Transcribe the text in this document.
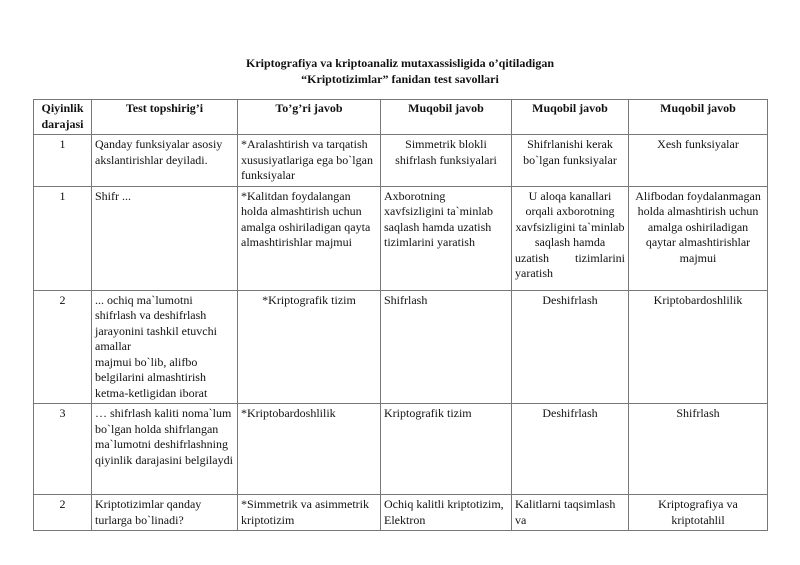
Kriptografiya va kriptoanaliz mutaxassisligida o’qitiladigan
“Kriptotizimlar” fanidan test savollari
Qiyinlik darajasi	Test topshirig’i	To’g’ri javob	Muqobil javob	Muqobil javob	Muqobil javob
1	Qanday funksiyalar asosiy akslantirishlar deyiladi.	*Aralashtirish va tarqatish xususiyatlariga ega bo`lgan funksiyalar	Simmetrik blokli shifrlash funksiyalari	Shifrlanishi kerak bo`lgan funksiyalar	Xesh funksiyalar
1	Shifr ...	*Kalitdan foydalangan holda almashtirish uchun amalga oshiriladigan qayta almashtirishlar majmui	Axborotning xavfsizligini ta`minlab saqlash hamda uzatish tizimlarini yaratish	U aloqa kanallari orqali axborotning xavfsizligini ta`minlab saqlash hamda
uzatish tizimlarini
yaratish	Alifbodan foydalanmagan holda almashtirish uchun amalga oshiriladigan qaytar almashtirishlar majmui
2	... ochiq ma`lumotni shifrlash va deshifrlash jarayonini tashkil etuvchi amallar
majmui bo`lib, alifbo belgilarini almashtirish ketma-ketligidan iborat	*Kriptografik tizim	Shifrlash	Deshifrlash	Kriptobardoshlilik
3	… shifrlash kaliti noma`lum bo`lgan holda shifrlangan ma`lumotni deshifrlashning
qiyinlik darajasini belgilaydi	*Kriptobardoshlilik	Kriptografik tizim	Deshifrlash	Shifrlash
2	Kriptotizimlar qanday turlarga bo`linadi?	*Simmetrik va asimmetrik kriptotizim	Ochiq kalitli kriptotizim, Elektron	Kalitlarni taqsimlash va	Kriptografiya va kriptotahlil
